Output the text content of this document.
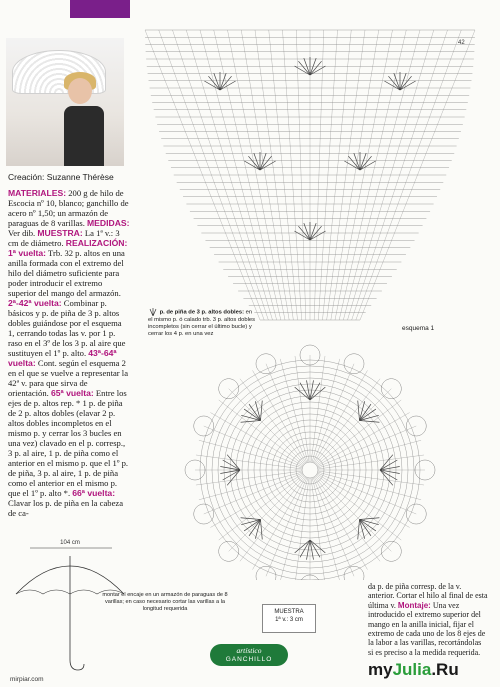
Creación: Suzanne Thérèse

MATERIALES: 200 g de hilo de Escocia nº 10, blanco; ganchillo de acero nº 1,50; un armazón de paraguas de 8 varillas. MEDIDAS: Ver dib. MUESTRA: La 1ª v.: 3 cm de diámetro. REALIZACIÓN: 1ª vuelta: Trb. 32 p. altos en una anilla formada con el extremo del hilo del diámetro suficiente para poder introducir el extremo superior del mango del armazón. 2ª-42ª vuelta: Combinar p. básicos y p. de piña de 3 p. altos dobles guiándose por el esquema 1, cerrando todas las v. por 1 p. raso en el 3º de los 3 p. al aire que sustituyen el 1º p. alto. 43ª-64ª vuelta: Cont. según el esquema 2 en el que se vuelve a representar la 42ª v. para que sirva de orientación. 65ª vuelta: Entre los ejes de p. altos rep. * 1 p. de piña de 2 p. altos dobles (elavar 2 p. altos dobles incompletos en el mismo p. y cerrar los 3 bucles en una vez) clavado en el p. corresp., 3 p. al aire, 1 p. de piña como el anterior en el mismo p. que el 1º p. de piña, 3 p. al aire, 1 p. de piña como el anterior en el mismo p. que el 1º p. alto *. 66ª vuelta: Clavar los p. de piña en la cabeza de ca-

42
p. de piña de 3 p. altos dobles: en el mismo p. ó calado trb. 3 p. altos dobles incompletos (sin cerrar el último bucle) y cerrar los 4 p. en una vez
esquema 1
104 cm
montar el encaje en un armazón de paraguas de 8 varillas; en caso necesario cortar las varillas a la longitud requerida	MUESTRA
1ª v.: 3 cm

da p. de piña corresp. de la v. anterior. Cortar el hilo al final de esta última v. Montaje: Una vez introducido el extremo superior del mango en la anilla inicial, fijar el extremo de cada uno de los 8 ejes de la labor a las varillas, recortándolas si es preciso a la medida requerida.

artístico
GANCHILLO
myJulia.Ru
mirpiar.com
